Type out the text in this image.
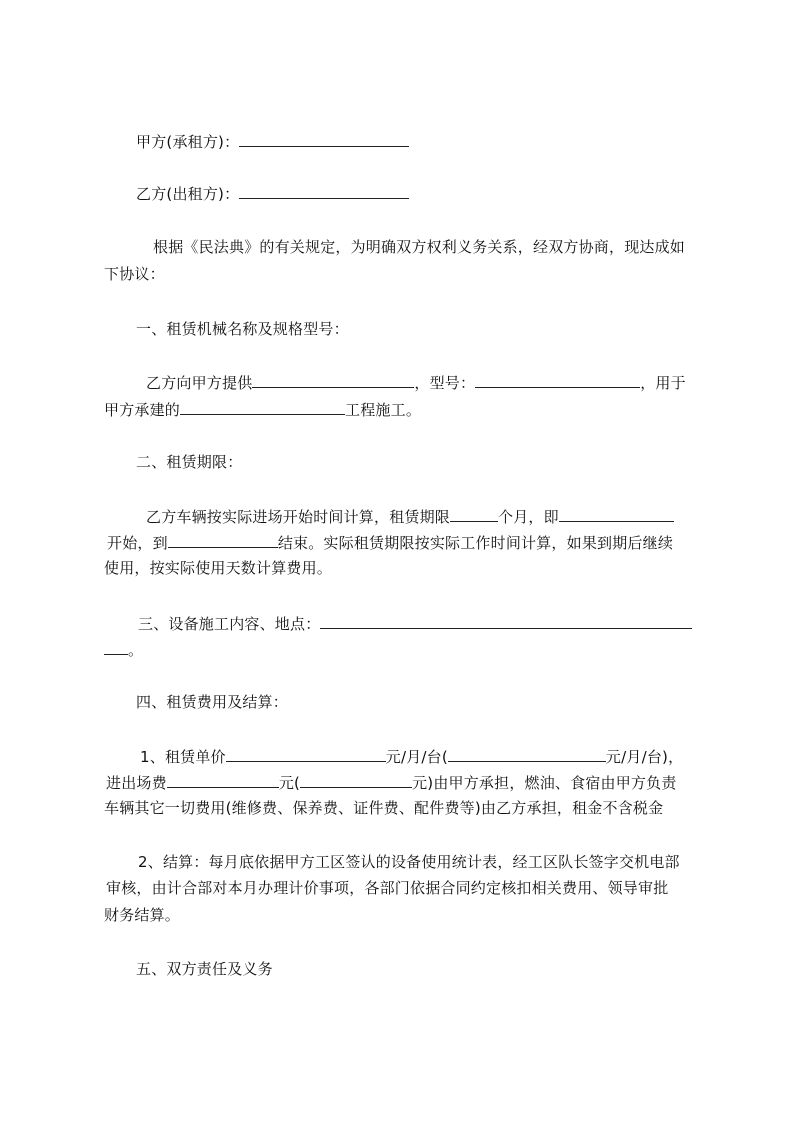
甲方(承租方)：
乙方(出租方)：
根据《民法典》的有关规定，为明确双方权利义务关系，经双方协商，现达成如
下协议：
一、租赁机械名称及规格型号：
乙方向甲方提供	，型号：	，用于
甲方承建的	工程施工。
二、租赁期限：
乙方车辆按实际进场开始时间计算，租赁期限	个月，即
开始，到	结束。实际租赁期限按实际工作时间计算，如果到期后继续
使用，按实际使用天数计算费用。
三、设备施工内容、地点：
。
四、租赁费用及结算：
1、租赁单价	元/月/台(	元/月/台)，
进出场费	元(	元)由甲方承担，燃油、食宿由甲方负责
车辆其它一切费用(维修费、保养费、证件费、配件费等)由乙方承担，租金不含税金
2、结算：每月底依据甲方工区签认的设备使用统计表，经工区队长签字交机电部
审核，由计合部对本月办理计价事项，各部门依据合同约定核扣相关费用、领导审批
财务结算。
五、双方责任及义务
